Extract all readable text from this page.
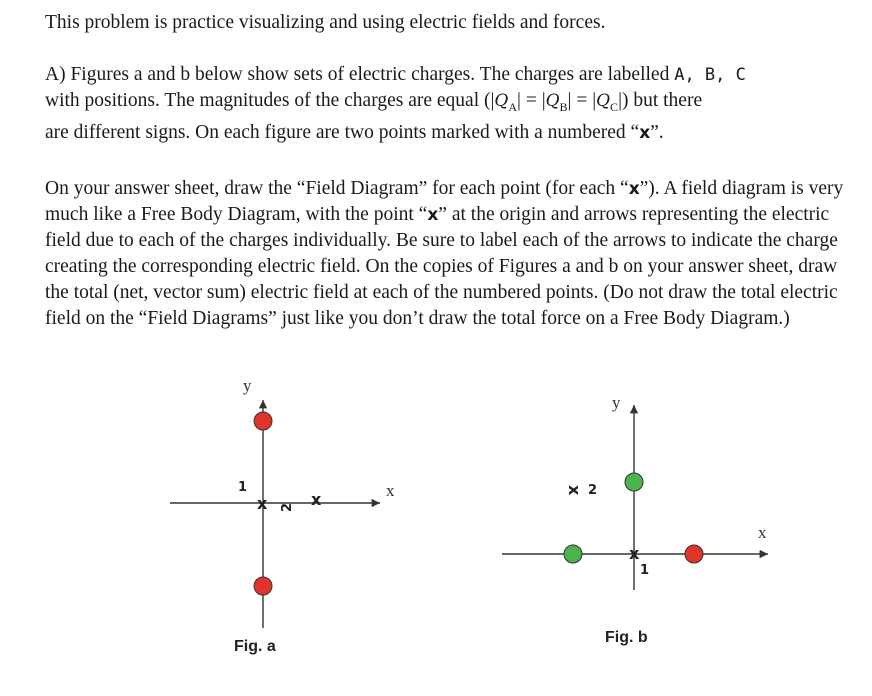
This problem is practice visualizing and using electric fields and forces.

A) Figures a and b below show sets of electric charges. The charges are labelled A, B, C
with positions. The magnitudes of the charges are equal $(|Q_A| = |Q_B| = |Q_C|)$ but there
are different signs. On each figure are two points marked with a numbered “x”.

On your answer sheet, draw the “Field Diagram” for each point (for each “x”). A field diagram is very much like a Free Body Diagram, with the point “x” at the origin and arrows representing the electric field due to each of the charges individually. Be sure to label each of the arrows to indicate the charge creating the corresponding electric field. On the copies of Figures a and b on your answer sheet, draw the total (net, vector sum) electric field at each of the numbered points. (Do not draw the total electric field on the “Field Diagrams” just like you don’t draw the total force on a Free Body Diagram.)

y
x
x
1
x
2
Fig. a
y
x
x
1
x 2
Fig. b
